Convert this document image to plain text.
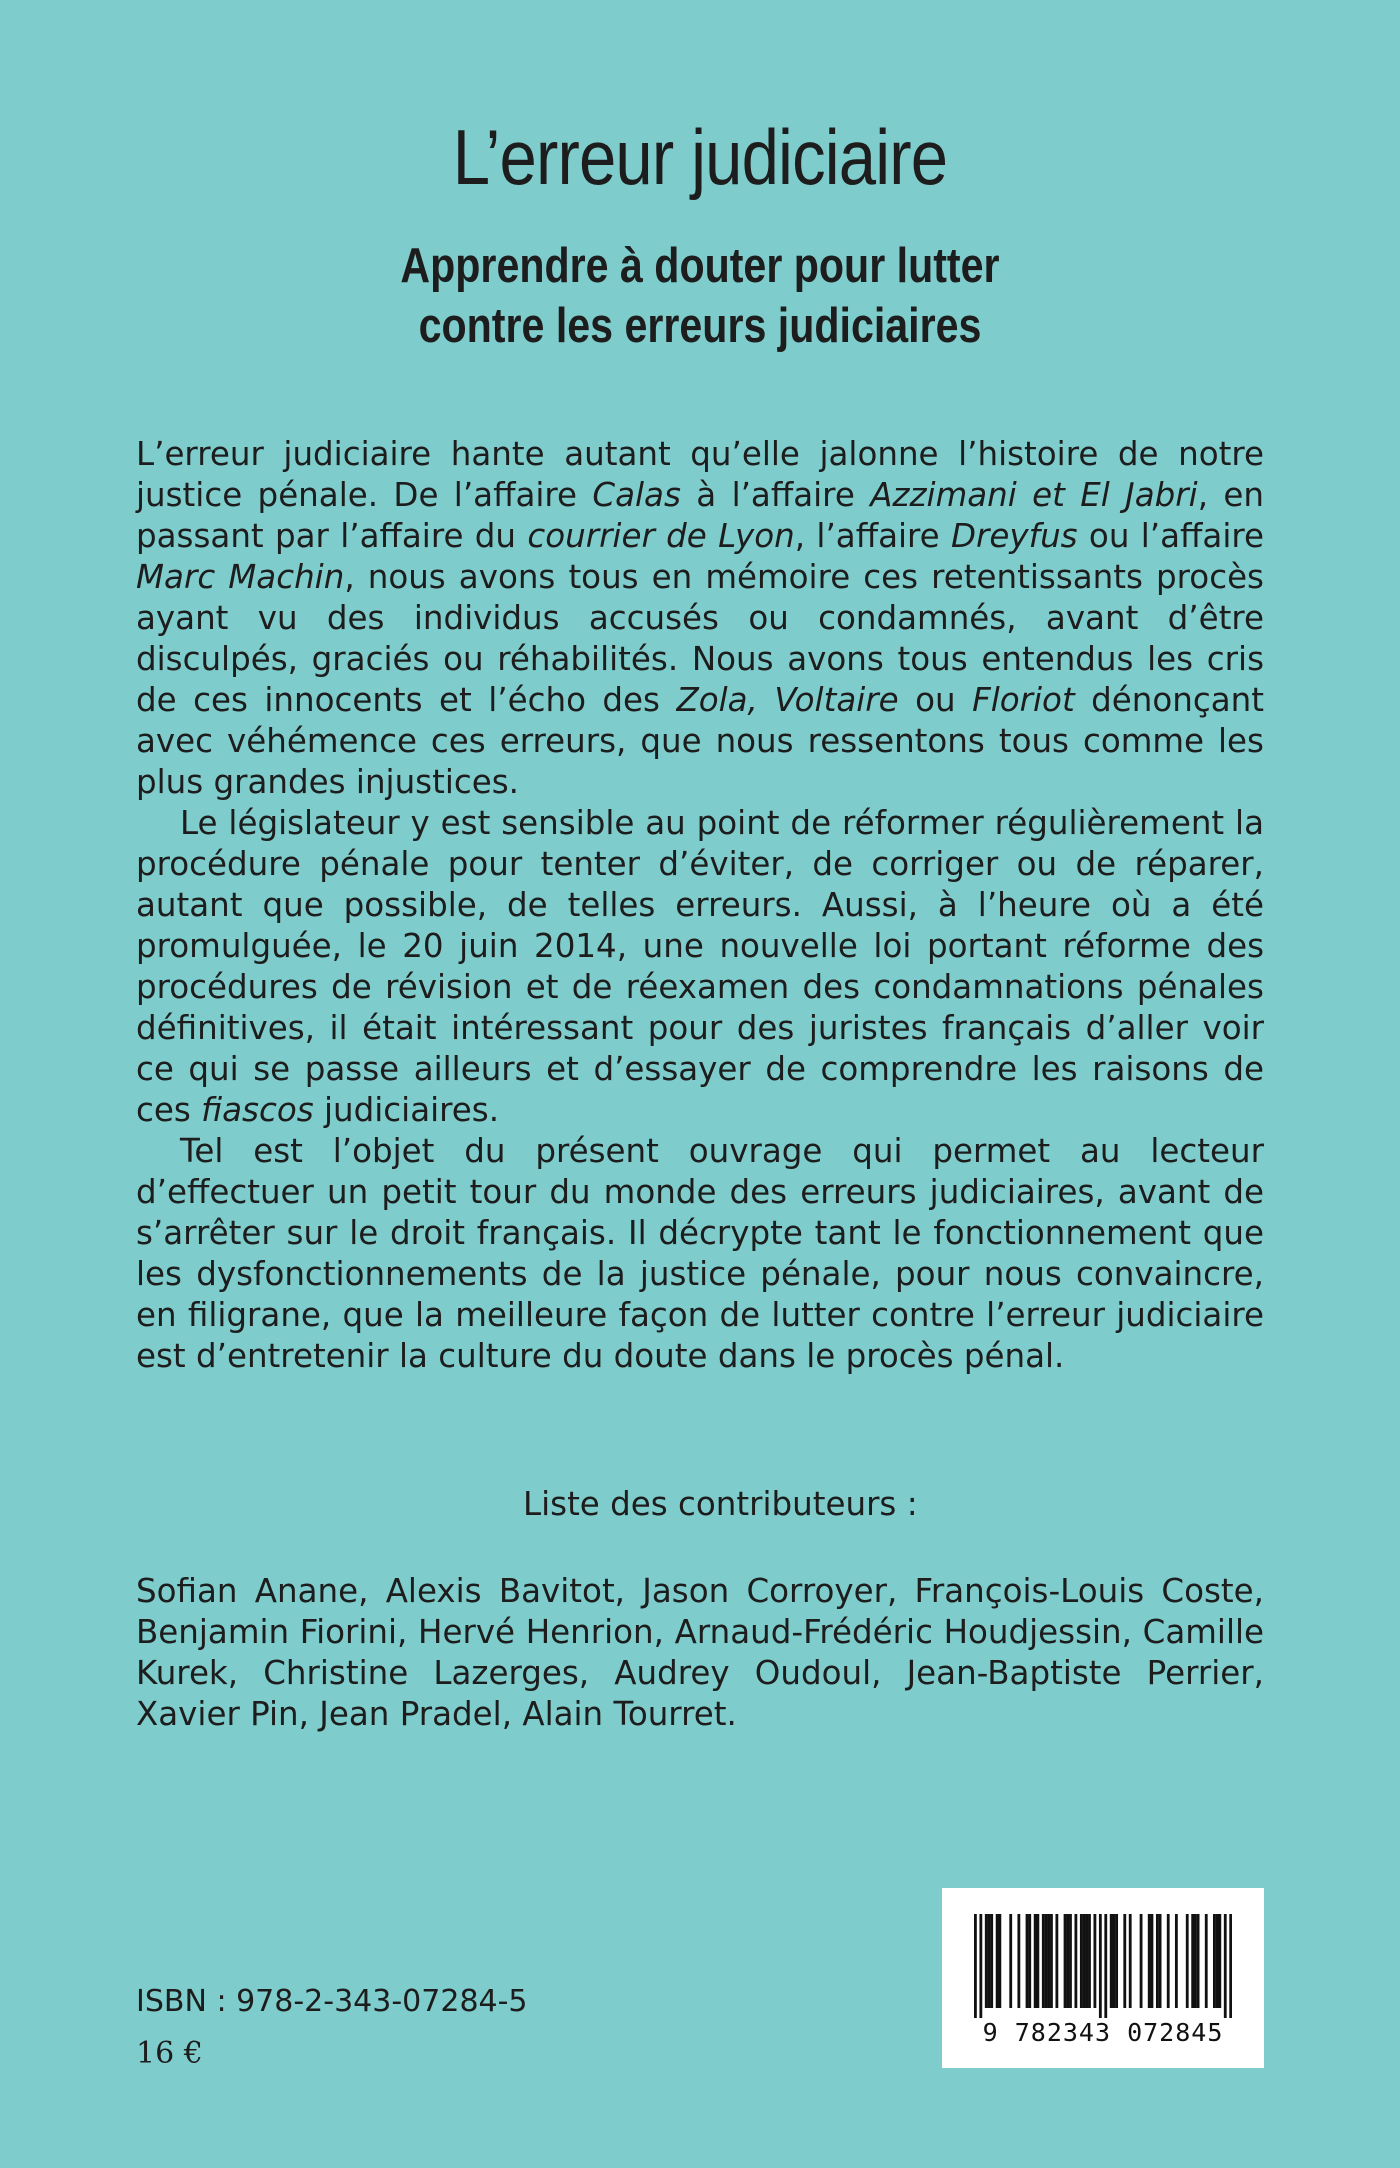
L’erreur judiciaire
Apprendre à douter pour lutter
contre les erreurs judiciaires

L’erreur judiciaire hante autant qu’elle jalonne l’histoire de notre justice pénale. De l’affaire Calas à l’affaire Azzimani et El Jabri, en passant par l’affaire du courrier de Lyon, l’affaire Dreyfus ou l’affaire Marc Machin, nous avons tous en mémoire ces retentissants procès ayant vu des individus accusés ou condamnés, avant d’être disculpés, graciés ou réhabilités. Nous avons tous entendus les cris de ces innocents et l’écho des Zola, Voltaire ou Floriot dénonçant avec véhémence ces erreurs, que nous ressentons tous comme les plus grandes injustices.

Le législateur y est sensible au point de réformer régulièrement la procédure pénale pour tenter d’éviter, de corriger ou de réparer, autant que possible, de telles erreurs. Aussi, à l’heure où a été promulguée, le 20 juin 2014, une nouvelle loi portant réforme des procédures de révision et de réexamen des condamnations pénales définitives, il était intéressant pour des juristes français d’aller voir ce qui se passe ailleurs et d’essayer de comprendre les raisons de ces fiascos judiciaires.

Tel est l’objet du présent ouvrage qui permet au lecteur d’effectuer un petit tour du monde des erreurs judiciaires, avant de s’arrêter sur le droit français. Il décrypte tant le fonctionnement que les dysfonctionnements de la justice pénale, pour nous convaincre, en filigrane, que la meilleure façon de lutter contre l’erreur judiciaire est d’entretenir la culture du doute dans le procès pénal.

Liste des contributeurs :

Sofian Anane, Alexis Bavitot, Jason Corroyer, François-Louis Coste, Benjamin Fiorini, Hervé Henrion, Arnaud-Frédéric Houdjessin, Camille Kurek, Christine Lazerges, Audrey Oudoul, Jean-Baptiste Perrier, Xavier Pin, Jean Pradel, Alain Tourret.

ISBN : 978-2-343-07284-5

16 €

9 782343 072845
